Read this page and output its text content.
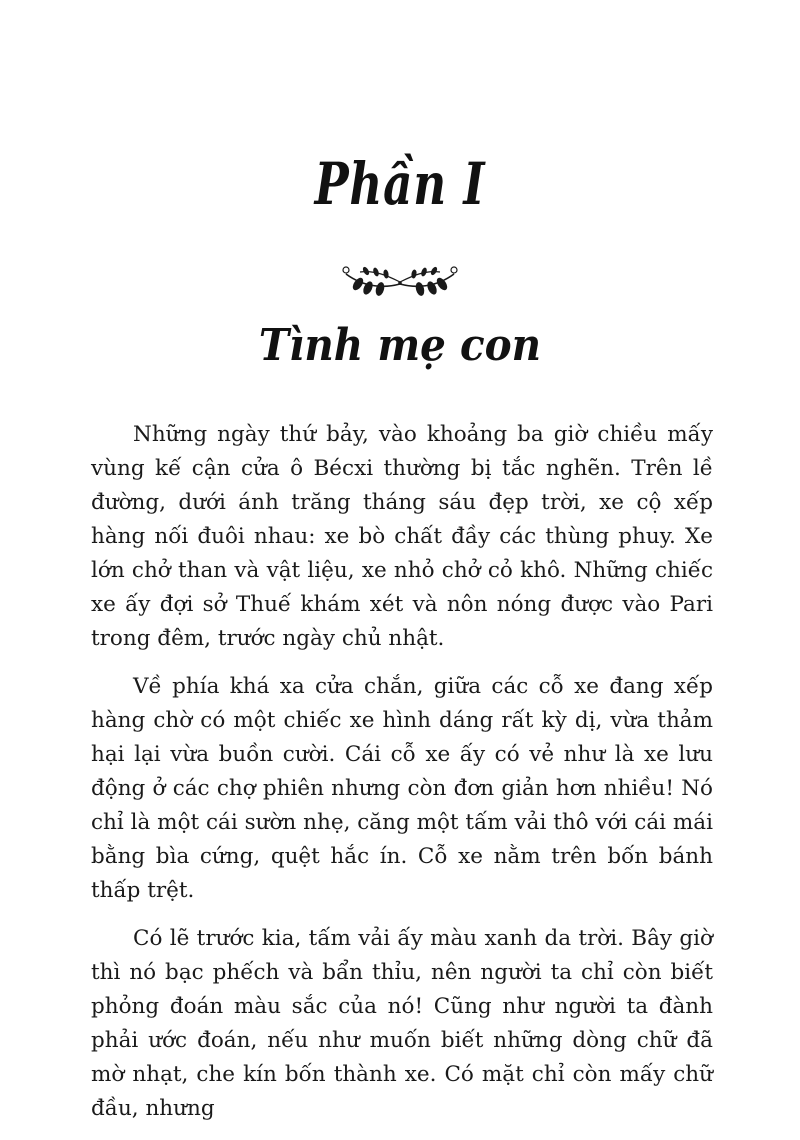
Phần I
Tình mẹ con

Những ngày thứ bảy, vào khoảng ba giờ chiều mấy vùng kế cận cửa ô Bécxi thường bị tắc nghẽn. Trên lề đường, dưới ánh trăng tháng sáu đẹp trời, xe cộ xếp hàng nối đuôi nhau: xe bò chất đầy các thùng phuy. Xe lớn chở than và vật liệu, xe nhỏ chở cỏ khô. Những chiếc xe ấy đợi sở Thuế khám xét và nôn nóng được vào Pari trong đêm, trước ngày chủ nhật.

Về phía khá xa cửa chắn, giữa các cỗ xe đang xếp hàng chờ có một chiếc xe hình dáng rất kỳ dị, vừa thảm hại lại vừa buồn cười. Cái cỗ xe ấy có vẻ như là xe lưu động ở các chợ phiên nhưng còn đơn giản hơn nhiều! Nó chỉ là một cái sườn nhẹ, căng một tấm vải thô với cái mái bằng bìa cứng, quệt hắc ín. Cỗ xe nằm trên bốn bánh thấp trệt.

Có lẽ trước kia, tấm vải ấy màu xanh da trời. Bây giờ thì nó bạc phếch và bẩn thỉu, nên người ta chỉ còn biết phỏng đoán màu sắc của nó! Cũng như người ta đành phải ước đoán, nếu như muốn biết những dòng chữ đã mờ nhạt, che kín bốn thành xe. Có mặt chỉ còn mấy chữ đầu, nhưng
